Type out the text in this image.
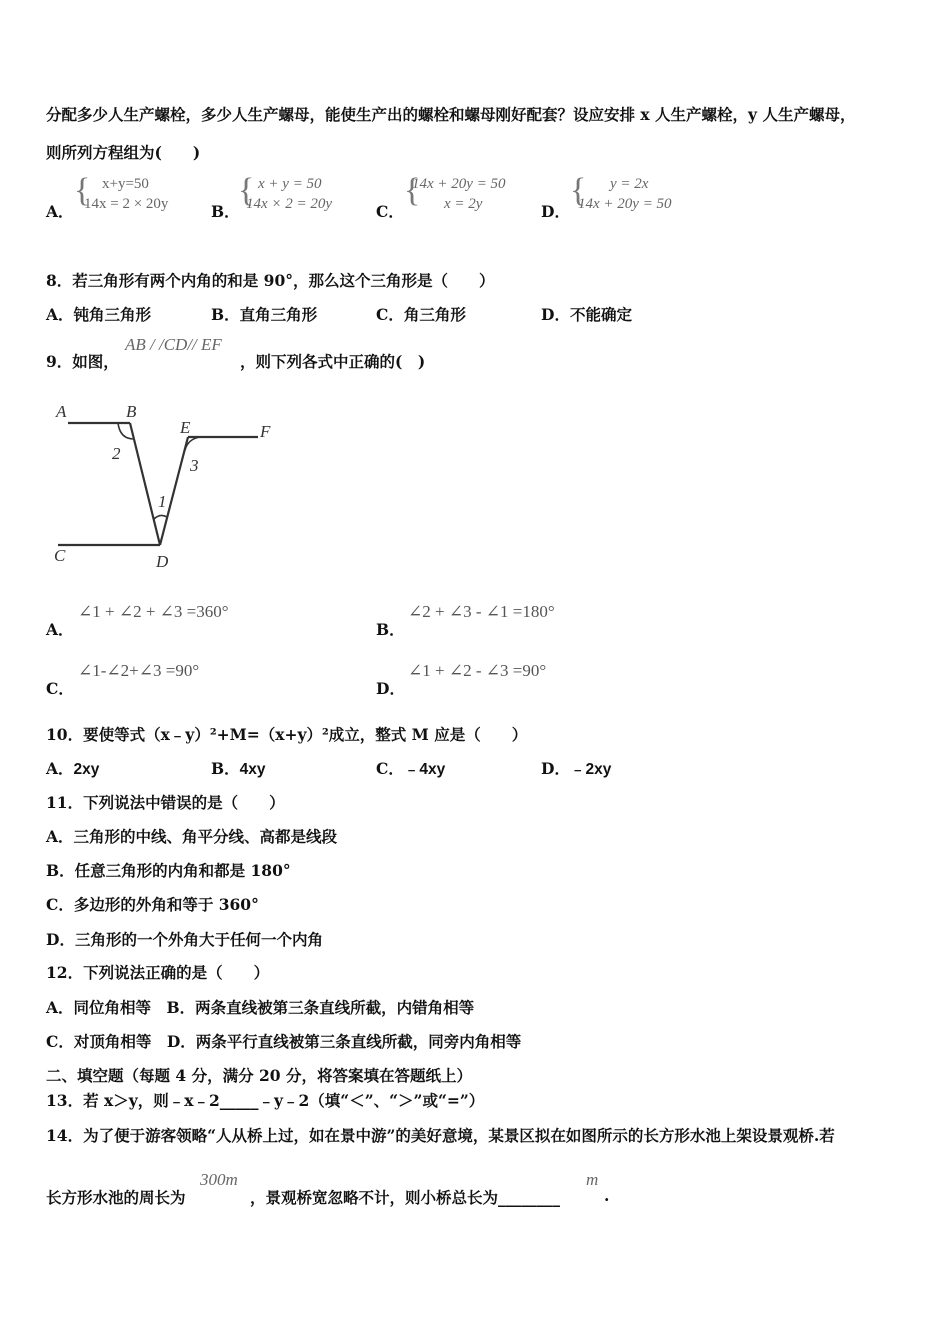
分配多少人生产螺栓，多少人生产螺母，能使生产出的螺栓和螺母刚好配套？设应安排 x 人生产螺栓，y 人生产螺母，
则所列方程组为(　　)
A．
{ x+y=50
14x = 2 × 20y	B．
{ x + y = 50
14x × 2 = 20y	C．
{
14x + 20y = 50
x = 2y	D．
{ y = 2x
14x + 20y = 50
8．若三角形有两个内角的和是 90°，那么这个三角形是（　　）
A．钝角三角形	B．直角三角形	C．角三角形	D．不能确定
9．如图，
AB / /CD// EF
，则下列各式中正确的(　)
A	B
E	F
C	D
2
3
1
A．
∠1 + ∠2 + ∠3 =360°
B．
∠2 + ∠3 - ∠1 =180°
C．
∠1-∠2+∠3 =90°
D．
∠1 + ∠2 - ∠3 =90°
10．要使等式（x﹣y）²+M=（x+y）²成立，整式 M 应是（　　）
A．2xy	B．4xy	C．﹣4xy	D．﹣2xy
11．下列说法中错误的是（　　）
A．三角形的中线、角平分线、高都是线段
B．任意三角形的内角和都是 180°
C．多边形的外角和等于 360°
D．三角形的一个外角大于任何一个内角
12．下列说法正确的是（　　）
A．同位角相等　B．两条直线被第三条直线所截，内错角相等
C．对顶角相等　D．两条平行直线被第三条直线所截，同旁内角相等
二、填空题（每题 4 分，满分 20 分，将答案填在答题纸上）
13．若 x＞y，则﹣x﹣2_____﹣y﹣2（填“＜”、“＞”或“=”）
14．为了便于游客领略“人从桥上过，如在景中游”的美好意境，某景区拟在如图所示的长方形水池上架设景观桥.若
长方形水池的周长为
300m
，景观桥宽忽略不计，则小桥总长为________
m
.
